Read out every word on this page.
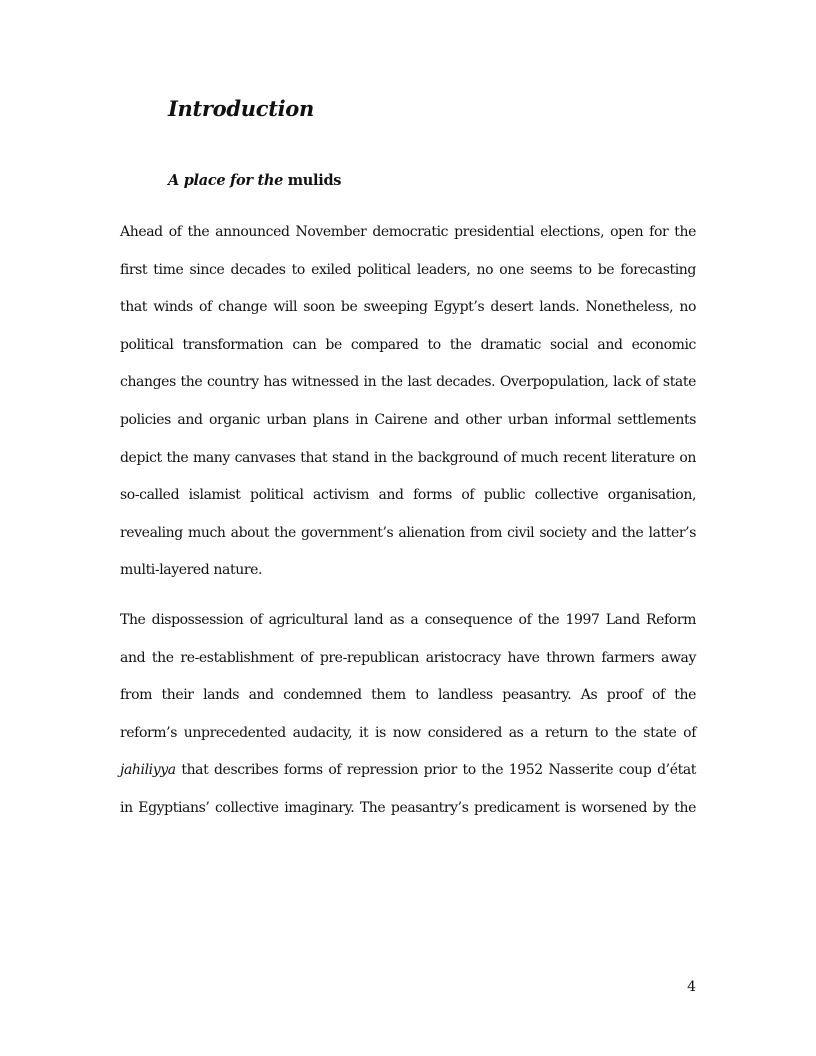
Introduction
A place for the mulids
Ahead of the announced November democratic presidential elections, open for the
first time since decades to exiled political leaders, no one seems to be forecasting
that winds of change will soon be sweeping Egypt’s desert lands. Nonetheless, no
political transformation can be compared to the dramatic social and economic
changes the country has witnessed in the last decades. Overpopulation, lack of state
policies and organic urban plans in Cairene and other urban informal settlements
depict the many canvases that stand in the background of much recent literature on
so-called islamist political activism and forms of public collective organisation,
revealing much about the government’s alienation from civil society and the latter’s
multi-layered nature.
The dispossession of agricultural land as a consequence of the 1997 Land Reform
and the re-establishment of pre-republican aristocracy have thrown farmers away
from their lands and condemned them to landless peasantry. As proof of the
reform’s unprecedented audacity, it is now considered as a return to the state of
jahiliyya that describes forms of repression prior to the 1952 Nasserite coup d’état
in Egyptians’ collective imaginary. The peasantry’s predicament is worsened by the

4
